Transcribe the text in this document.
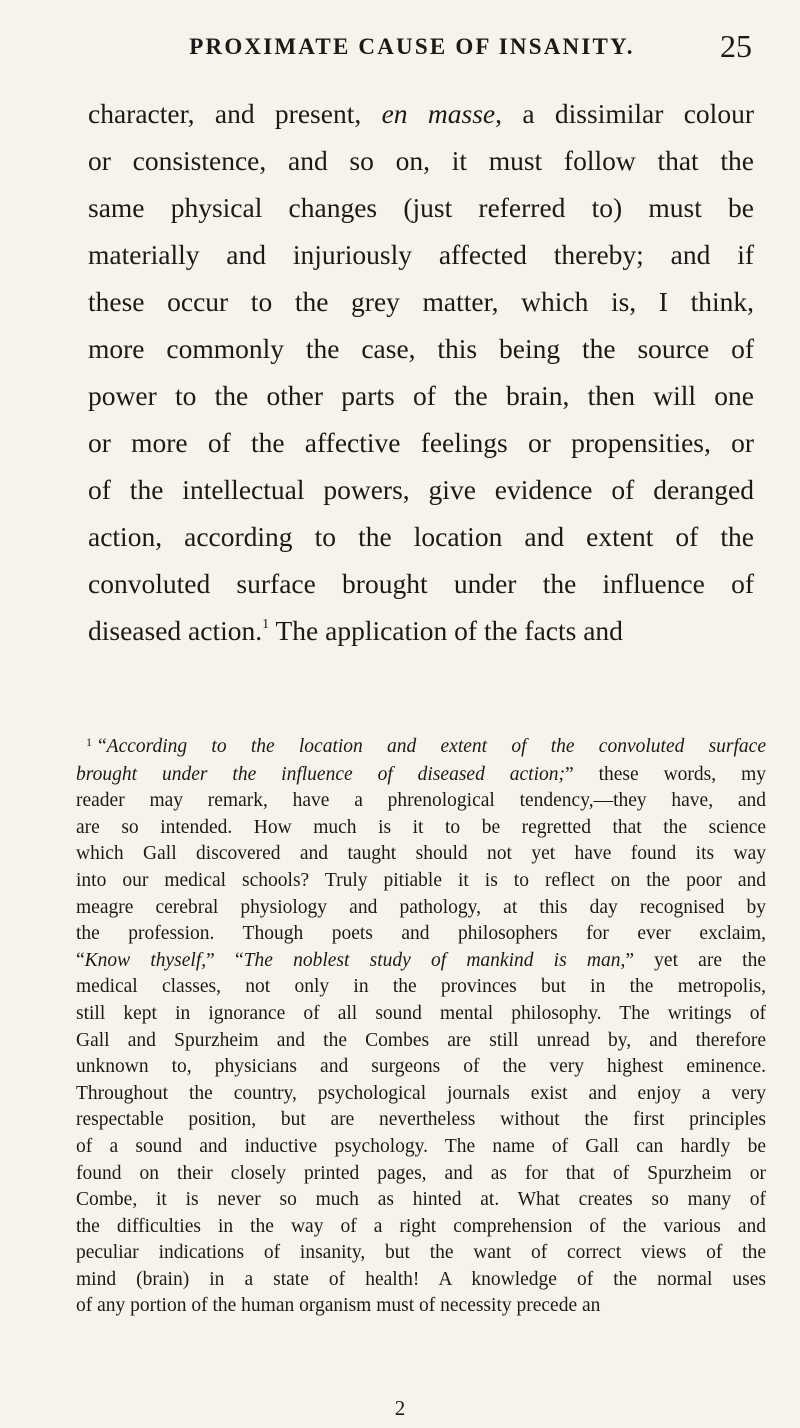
PROXIMATE CAUSE OF INSANITY.	25
character, and present, en masse, a dissimilar colour
or consistence, and so on, it must follow that the
same physical changes (just referred to) must be
materially and injuriously affected thereby; and if
these occur to the grey matter, which is, I think,
more commonly the case, this being the source of
power to the other parts of the brain, then will one
or more of the affective feelings or propensities, or
of the intellectual powers, give evidence of deranged
action, according to the location and extent of the
convoluted surface brought under the influence of
diseased action.$^1$ The application of the facts and
$^1$ “According to the location and extent of the convoluted surface
brought under the influence of diseased action;” these words, my
reader may remark, have a phrenological tendency,—they have, and
are so intended. How much is it to be regretted that the science
which Gall discovered and taught should not yet have found its way
into our medical schools? Truly pitiable it is to reflect on the poor and
meagre cerebral physiology and pathology, at this day recognised by
the profession. Though poets and philosophers for ever exclaim,
“Know thyself,” “The noblest study of mankind is man,” yet are the
medical classes, not only in the provinces but in the metropolis,
still kept in ignorance of all sound mental philosophy. The writings of
Gall and Spurzheim and the Combes are still unread by, and therefore
unknown to, physicians and surgeons of the very highest eminence.
Throughout the country, psychological journals exist and enjoy a very
respectable position, but are nevertheless without the first principles
of a sound and inductive psychology. The name of Gall can hardly be
found on their closely printed pages, and as for that of Spurzheim or
Combe, it is never so much as hinted at. What creates so many of
the difficulties in the way of a right comprehension of the various and
peculiar indications of insanity, but the want of correct views of the
mind (brain) in a state of health! A knowledge of the normal uses
of any portion of the human organism must of necessity precede an
2
